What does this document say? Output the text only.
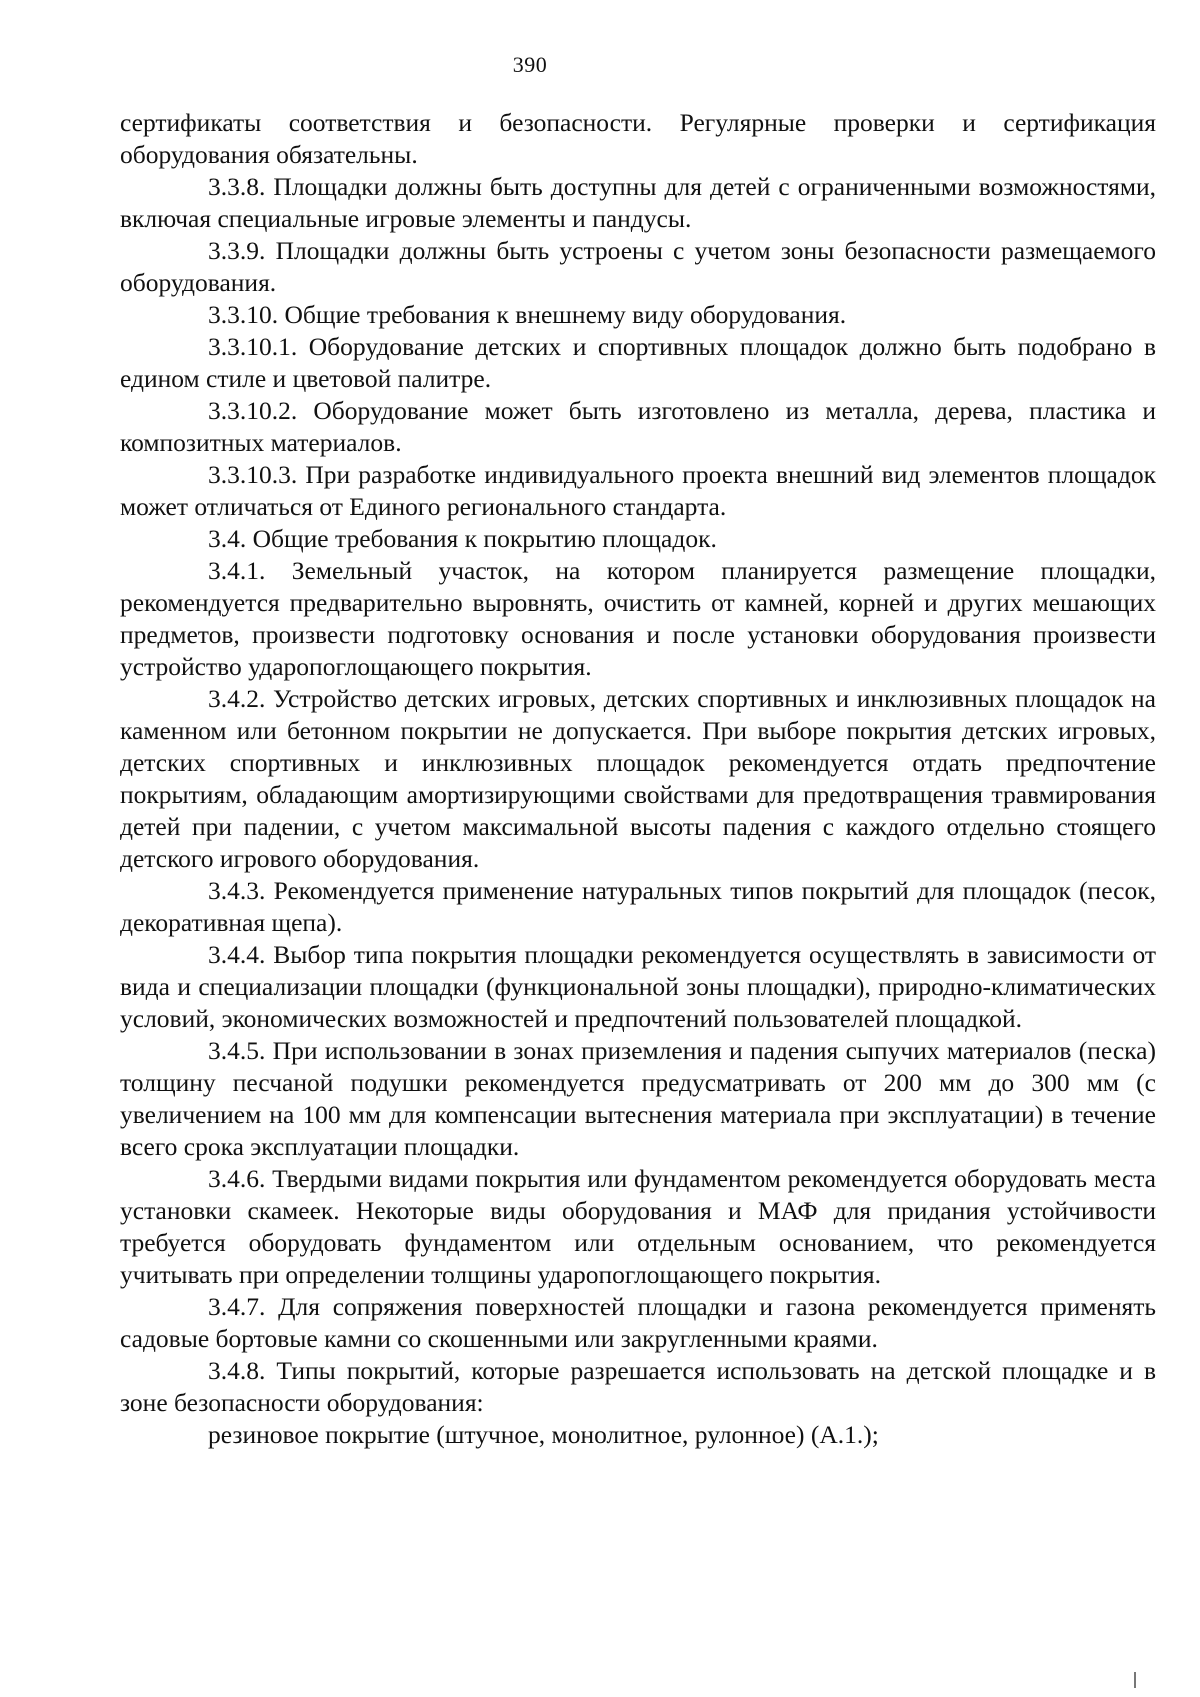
390

сертификаты соответствия и безопасности. Регулярные проверки и сертификация оборудования обязательны.

3.3.8. Площадки должны быть доступны для детей с ограниченными возможностями, включая специальные игровые элементы и пандусы.

3.3.9. Площадки должны быть устроены с учетом зоны безопасности размещаемого оборудования.

3.3.10. Общие требования к внешнему виду оборудования.

3.3.10.1. Оборудование детских и спортивных площадок должно быть подобрано в едином стиле и цветовой палитре.

3.3.10.2. Оборудование может быть изготовлено из металла, дерева, пластика и композитных материалов.

3.3.10.3. При разработке индивидуального проекта внешний вид элементов площадок может отличаться от Единого регионального стандарта.

3.4. Общие требования к покрытию площадок.

3.4.1. Земельный участок, на котором планируется размещение площадки, рекомендуется предварительно выровнять, очистить от камней, корней и других мешающих предметов, произвести подготовку основания и после установки оборудования произвести устройство ударопоглощающего покрытия.

3.4.2. Устройство детских игровых, детских спортивных и инклюзивных площадок на каменном или бетонном покрытии не допускается. При выборе покрытия детских игровых, детских спортивных и инклюзивных площадок рекомендуется отдать предпочтение покрытиям, обладающим амортизирующими свойствами для предотвращения травмирования детей при падении, с учетом максимальной высоты падения с каждого отдельно стоящего детского игрового оборудования.

3.4.3. Рекомендуется применение натуральных типов покрытий для площадок (песок, декоративная щепа).

3.4.4. Выбор типа покрытия площадки рекомендуется осуществлять в зависимости от вида и специализации площадки (функциональной зоны площадки), природно-климатических условий, экономических возможностей и предпочтений пользователей площадкой.

3.4.5. При использовании в зонах приземления и падения сыпучих материалов (песка) толщину песчаной подушки рекомендуется предусматривать от 200 мм до 300 мм (с увеличением на 100 мм для компенсации вытеснения материала при эксплуатации) в течение всего срока эксплуатации площадки.

3.4.6. Твердыми видами покрытия или фундаментом рекомендуется оборудовать места установки скамеек. Некоторые виды оборудования и МАФ для придания устойчивости требуется оборудовать фундаментом или отдельным основанием, что рекомендуется учитывать при определении толщины ударопоглощающего покрытия.

3.4.7. Для сопряжения поверхностей площадки и газона рекомендуется применять садовые бортовые камни со скошенными или закругленными краями.

3.4.8. Типы покрытий, которые разрешается использовать на детской площадке и в зоне безопасности оборудования:

резиновое покрытие (штучное, монолитное, рулонное) (А.1.);
